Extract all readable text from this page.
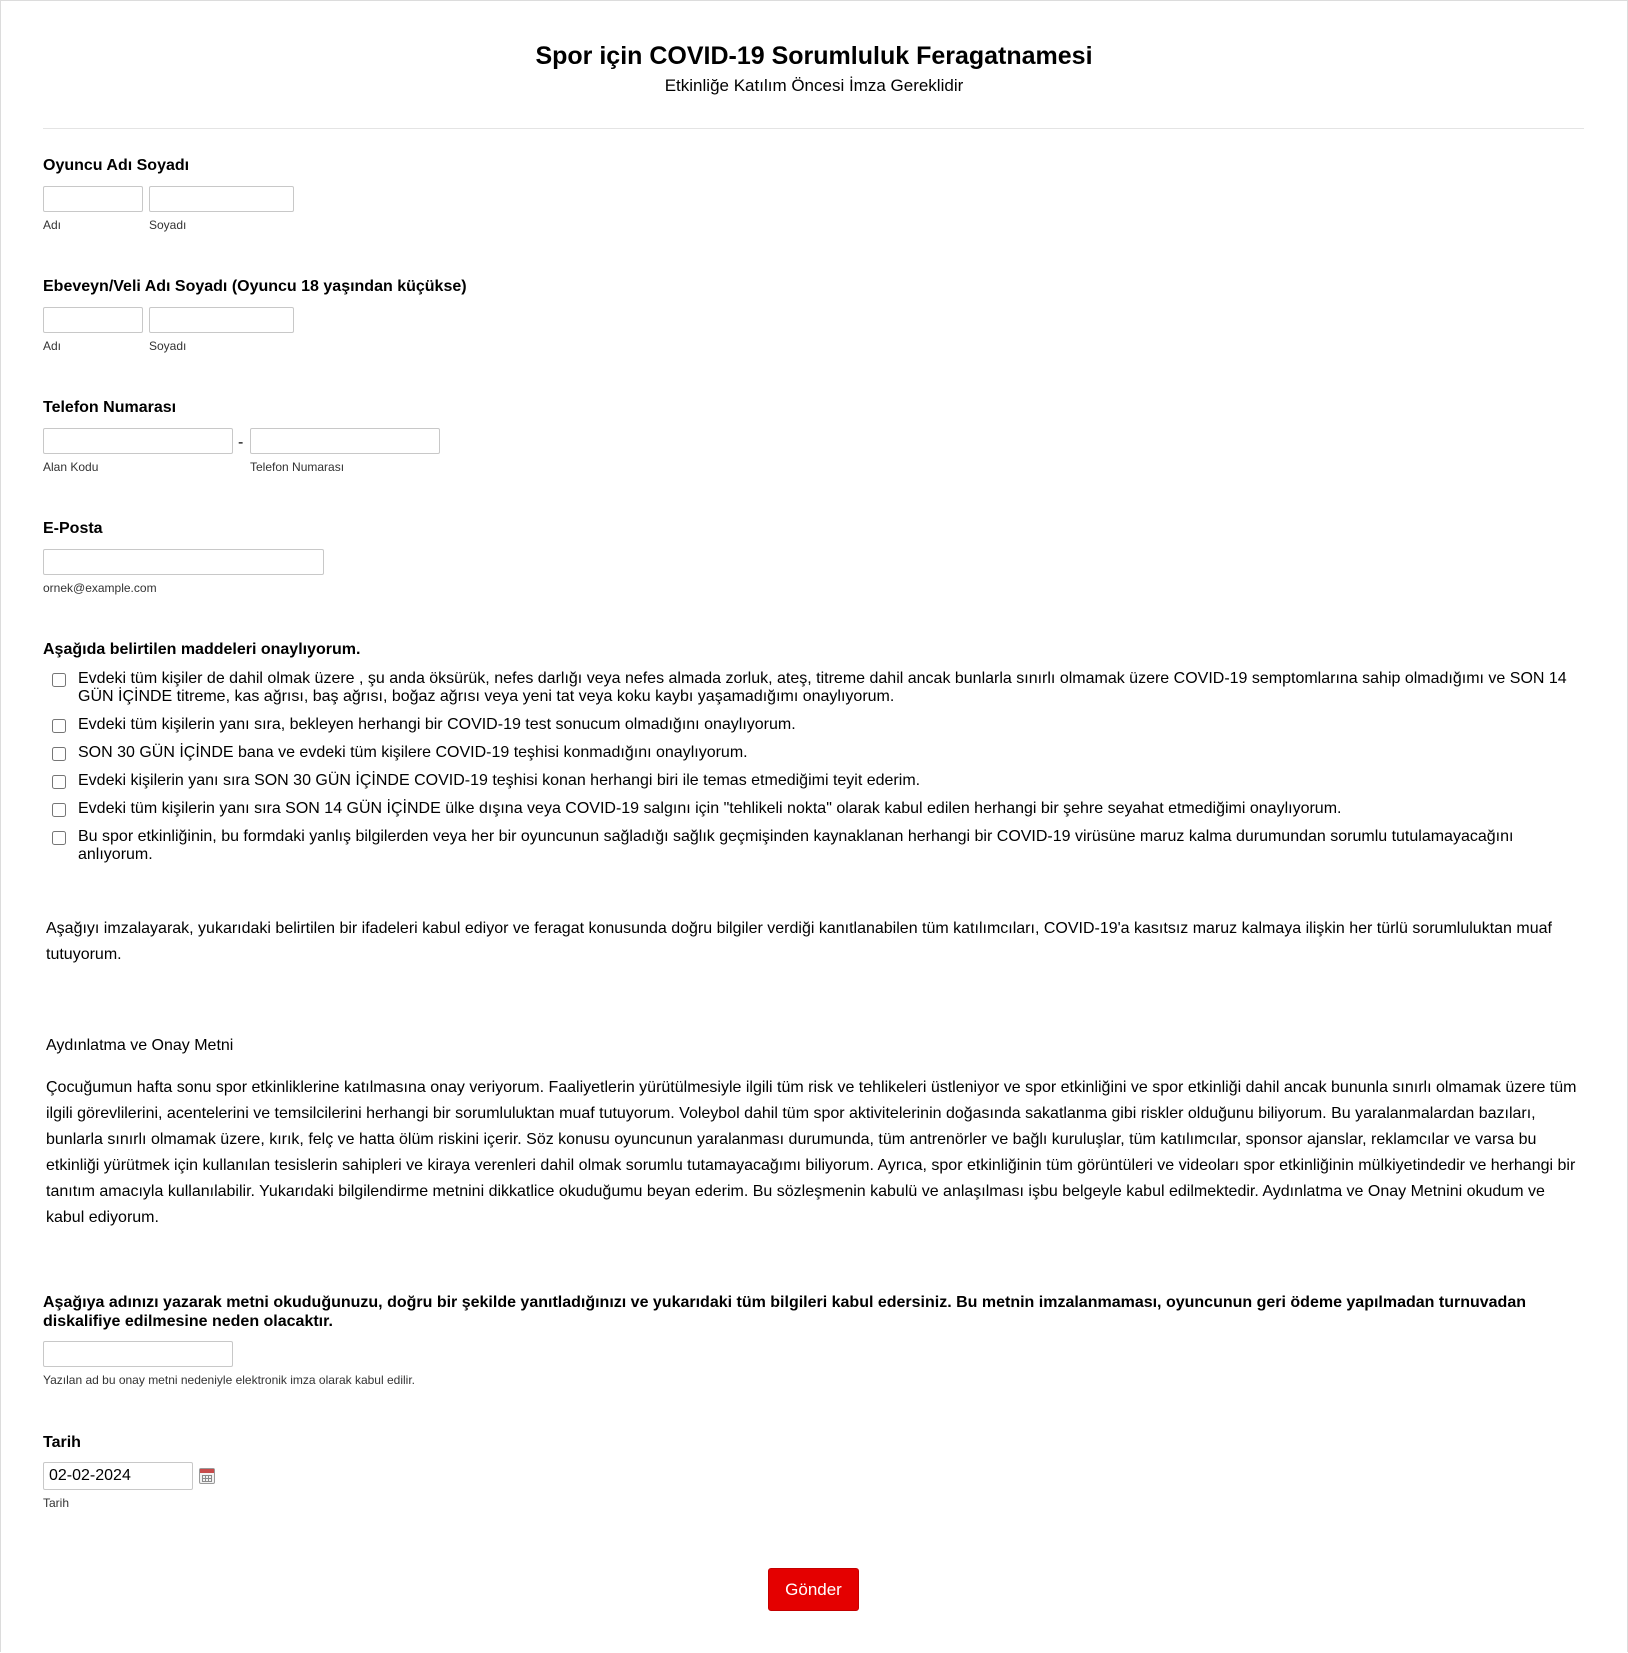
Spor için COVID-19 Sorumluluk Feragatnamesi
Etkinliğe Katılım Öncesi İmza Gereklidir
Oyuncu Adı Soyadı
Adı	Soyadı
Ebeveyn/Veli Adı Soyadı (Oyuncu 18 yaşından küçükse)
Adı	Soyadı
Telefon Numarası
-
Alan Kodu	Telefon Numarası
E-Posta
ornek@example.com
Aşağıda belirtilen maddeleri onaylıyorum.
Evdeki tüm kişiler de dahil olmak üzere , şu anda öksürük, nefes darlığı veya nefes almada zorluk, ateş, titreme dahil ancak bunlarla sınırlı olmamak üzere COVID-19 semptomlarına sahip olmadığımı ve SON 14 GÜN İÇİNDE titreme, kas ağrısı, baş ağrısı, boğaz ağrısı veya yeni tat veya koku kaybı yaşamadığımı onaylıyorum.
Evdeki tüm kişilerin yanı sıra, bekleyen herhangi bir COVID-19 test sonucum olmadığını onaylıyorum.
SON 30 GÜN İÇİNDE bana ve evdeki tüm kişilere COVID-19 teşhisi konmadığını onaylıyorum.
Evdeki kişilerin yanı sıra SON 30 GÜN İÇİNDE COVID-19 teşhisi konan herhangi biri ile temas etmediğimi teyit ederim.
Evdeki tüm kişilerin yanı sıra SON 14 GÜN İÇİNDE ülke dışına veya COVID-19 salgını için "tehlikeli nokta" olarak kabul edilen herhangi bir şehre seyahat etmediğimi onaylıyorum.
Bu spor etkinliğinin, bu formdaki yanlış bilgilerden veya her bir oyuncunun sağladığı sağlık geçmişinden kaynaklanan herhangi bir COVID-19 virüsüne maruz kalma durumundan sorumlu tutulamayacağını anlıyorum.
Aşağıyı imzalayarak, yukarıdaki belirtilen bir ifadeleri kabul ediyor ve feragat konusunda doğru bilgiler verdiği kanıtlanabilen tüm katılımcıları, COVID-19'a kasıtsız maruz kalmaya ilişkin her türlü sorumluluktan muaf tutuyorum.
Aydınlatma ve Onay Metni
Çocuğumun hafta sonu spor etkinliklerine katılmasına onay veriyorum. Faaliyetlerin yürütülmesiyle ilgili tüm risk ve tehlikeleri üstleniyor ve spor etkinliğini ve spor etkinliği dahil ancak bununla sınırlı olmamak üzere tüm ilgili görevlilerini, acentelerini ve temsilcilerini herhangi bir sorumluluktan muaf tutuyorum. Voleybol dahil tüm spor aktivitelerinin doğasında sakatlanma gibi riskler olduğunu biliyorum. Bu yaralanmalardan bazıları, bunlarla sınırlı olmamak üzere, kırık, felç ve hatta ölüm riskini içerir. Söz konusu oyuncunun yaralanması durumunda, tüm antrenörler ve bağlı kuruluşlar, tüm katılımcılar, sponsor ajanslar, reklamcılar ve varsa bu etkinliği yürütmek için kullanılan tesislerin sahipleri ve kiraya verenleri dahil olmak sorumlu tutamayacağımı biliyorum. Ayrıca, spor etkinliğinin tüm görüntüleri ve videoları spor etkinliğinin mülkiyetindedir ve herhangi bir tanıtım amacıyla kullanılabilir. Yukarıdaki bilgilendirme metnini dikkatlice okuduğumu beyan ederim. Bu sözleşmenin kabulü ve anlaşılması işbu belgeyle kabul edilmektedir. Aydınlatma ve Onay Metnini okudum ve kabul ediyorum.
Aşağıya adınızı yazarak metni okuduğunuzu, doğru bir şekilde yanıtladığınızı ve yukarıdaki tüm bilgileri kabul edersiniz. Bu metnin imzalanmaması, oyuncunun geri ödeme yapılmadan turnuvadan diskalifiye edilmesine neden olacaktır.
Yazılan ad bu onay metni nedeniyle elektronik imza olarak kabul edilir.
Tarih
02-02-2024
Tarih
Gönder
